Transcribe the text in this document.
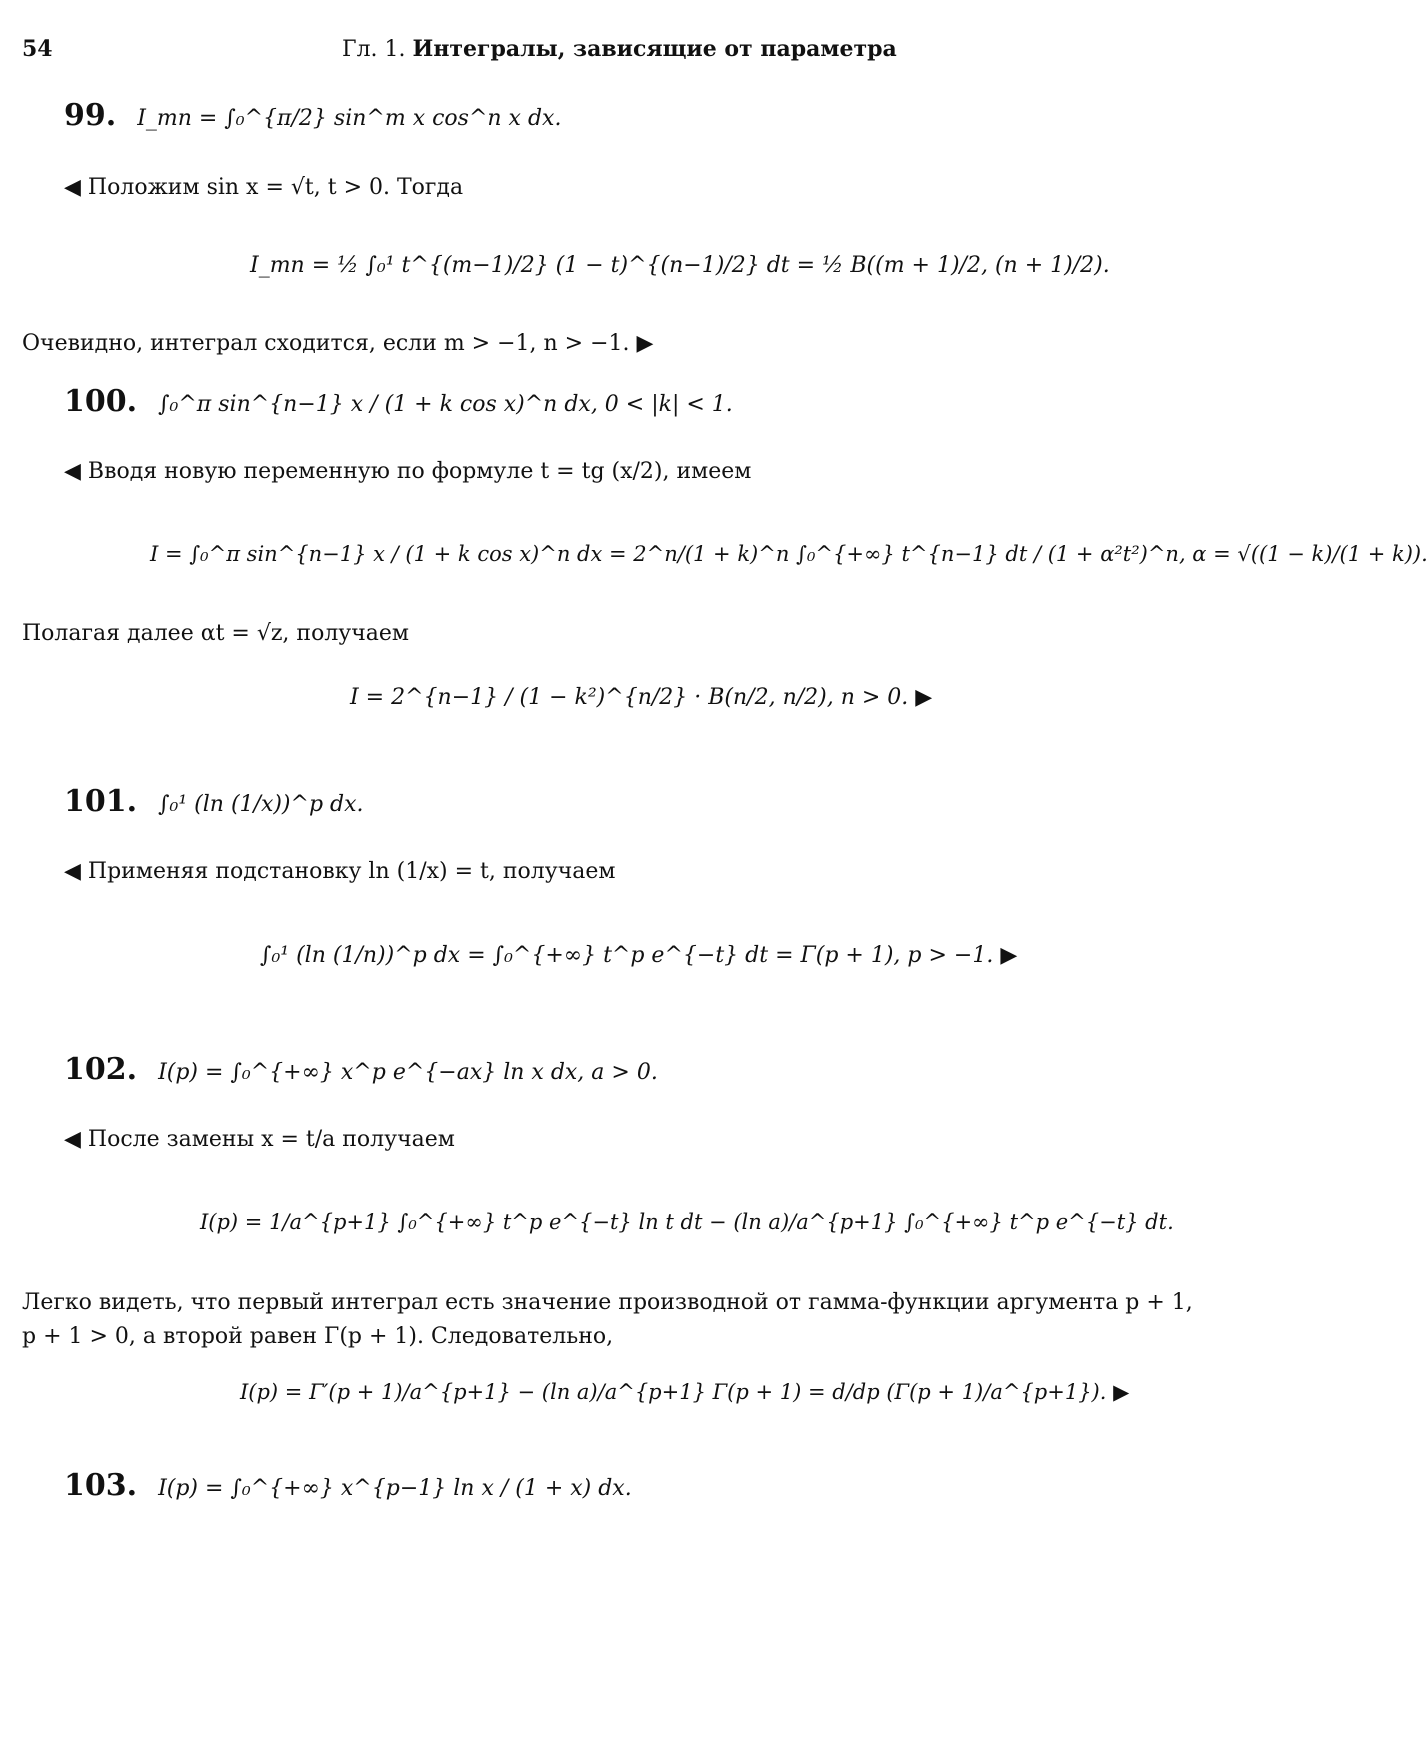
54	Гл. 1. Интегралы, зависящие от параметра
99. I_mn = ∫₀^{π/2} sin^m x cos^n x dx.
◀ Положим sin x = √t, t > 0. Тогда
I_mn = ½ ∫₀¹ t^{(m−1)/2} (1 − t)^{(n−1)/2} dt = ½ B((m + 1)/2, (n + 1)/2).
Очевидно, интеграл сходится, если m > −1, n > −1. ▶
100. ∫₀^π sin^{n−1} x / (1 + k cos x)^n dx, 0 < |k| < 1.
◀ Вводя новую переменную по формуле t = tg (x/2), имеем
I = ∫₀^π sin^{n−1} x / (1 + k cos x)^n dx = 2^n/(1 + k)^n ∫₀^{+∞} t^{n−1} dt / (1 + α²t²)^n, α = √((1 − k)/(1 + k)).
Полагая далее αt = √z, получаем
I = 2^{n−1} / (1 − k²)^{n/2} · B(n/2, n/2), n > 0. ▶
101. ∫₀¹ (ln (1/x))^p dx.
◀ Применяя подстановку ln (1/x) = t, получаем
∫₀¹ (ln (1/n))^p dx = ∫₀^{+∞} t^p e^{−t} dt = Γ(p + 1), p > −1. ▶
102. I(p) = ∫₀^{+∞} x^p e^{−ax} ln x dx, a > 0.
◀ После замены x = t/a получаем
I(p) = 1/a^{p+1} ∫₀^{+∞} t^p e^{−t} ln t dt − (ln a)/a^{p+1} ∫₀^{+∞} t^p e^{−t} dt.
Легко видеть, что первый интеграл есть значение производной от гамма-функции аргумента p + 1, p + 1 > 0, а второй равен Γ(p + 1). Следовательно,
I(p) = Γ′(p + 1)/a^{p+1} − (ln a)/a^{p+1} Γ(p + 1) = d/dp (Γ(p + 1)/a^{p+1}). ▶
103. I(p) = ∫₀^{+∞} x^{p−1} ln x / (1 + x) dx.
